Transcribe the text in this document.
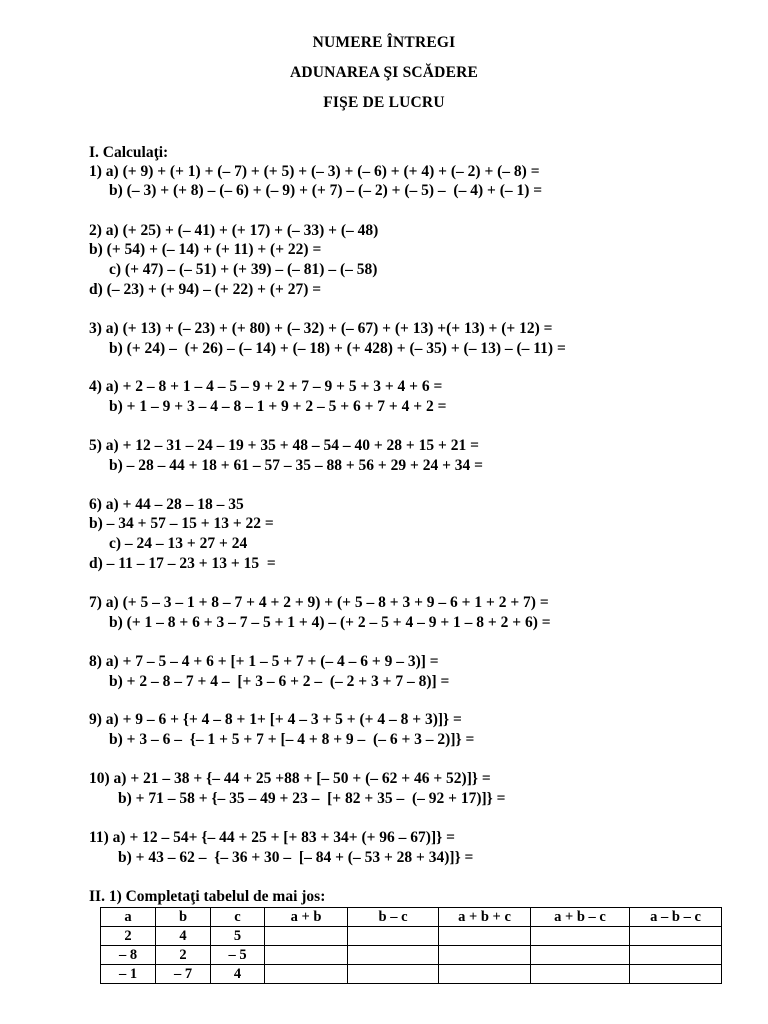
NUMERE ÎNTREGI
ADUNAREA ŞI SCĂDERE
FIŞE DE LUCRU
I. Calculaţi:
1) a) (+ 9) + (+ 1) + (– 7) + (+ 5) + (– 3) + (– 6) + (+ 4) + (– 2) + (– 8) =
b) (– 3) + (+ 8) – (– 6) + (– 9) + (+ 7) – (– 2) + (– 5) –  (– 4) + (– 1) =
2) a) (+ 25) + (– 41) + (+ 17) + (– 33) + (– 48)
b) (+ 54) + (– 14) + (+ 11) + (+ 22) =
c) (+ 47) – (– 51) + (+ 39) – (– 81) – (– 58)
d) (– 23) + (+ 94) – (+ 22) + (+ 27) =
3) a) (+ 13) + (– 23) + (+ 80) + (– 32) + (– 67) + (+ 13) +(+ 13) + (+ 12) =
b) (+ 24) –  (+ 26) – (– 14) + (– 18) + (+ 428) + (– 35) + (– 13) – (– 11) =
4) a) + 2 – 8 + 1 – 4 – 5 – 9 + 2 + 7 – 9 + 5 + 3 + 4 + 6 =
b) + 1 – 9 + 3 – 4 – 8 – 1 + 9 + 2 – 5 + 6 + 7 + 4 + 2 =
5) a) + 12 – 31 – 24 – 19 + 35 + 48 – 54 – 40 + 28 + 15 + 21 =
b) – 28 – 44 + 18 + 61 – 57 – 35 – 88 + 56 + 29 + 24 + 34 =
6) a) + 44 – 28 – 18 – 35
b) – 34 + 57 – 15 + 13 + 22 =
c) – 24 – 13 + 27 + 24
d) – 11 – 17 – 23 + 13 + 15  =
7) a) (+ 5 – 3 – 1 + 8 – 7 + 4 + 2 + 9) + (+ 5 – 8 + 3 + 9 – 6 + 1 + 2 + 7) =
b) (+ 1 – 8 + 6 + 3 – 7 – 5 + 1 + 4) – (+ 2 – 5 + 4 – 9 + 1 – 8 + 2 + 6) =
8) a) + 7 – 5 – 4 + 6 + [+ 1 – 5 + 7 + (– 4 – 6 + 9 – 3)] =
b) + 2 – 8 – 7 + 4 –  [+ 3 – 6 + 2 –  (– 2 + 3 + 7 – 8)] =
9) a) + 9 – 6 + {+ 4 – 8 + 1+ [+ 4 – 3 + 5 + (+ 4 – 8 + 3)]} =
b) + 3 – 6 –  {– 1 + 5 + 7 + [– 4 + 8 + 9 –  (– 6 + 3 – 2)]} =
10) a) + 21 – 38 + {– 44 + 25 +88 + [– 50 + (– 62 + 46 + 52)]} =
b) + 71 – 58 + {– 35 – 49 + 23 –  [+ 82 + 35 –  (– 92 + 17)]} =
11) a) + 12 – 54+ {– 44 + 25 + [+ 83 + 34+ (+ 96 – 67)]} =
b) + 43 – 62 –  {– 36 + 30 –  [– 84 + (– 53 + 28 + 34)]} =
II. 1) Completaţi tabelul de mai jos:
a	b	c	a + b	b – c	a + b + c	a + b – c	a – b – c
2	4	5					
– 8	2	– 5					
– 1	– 7	4					
